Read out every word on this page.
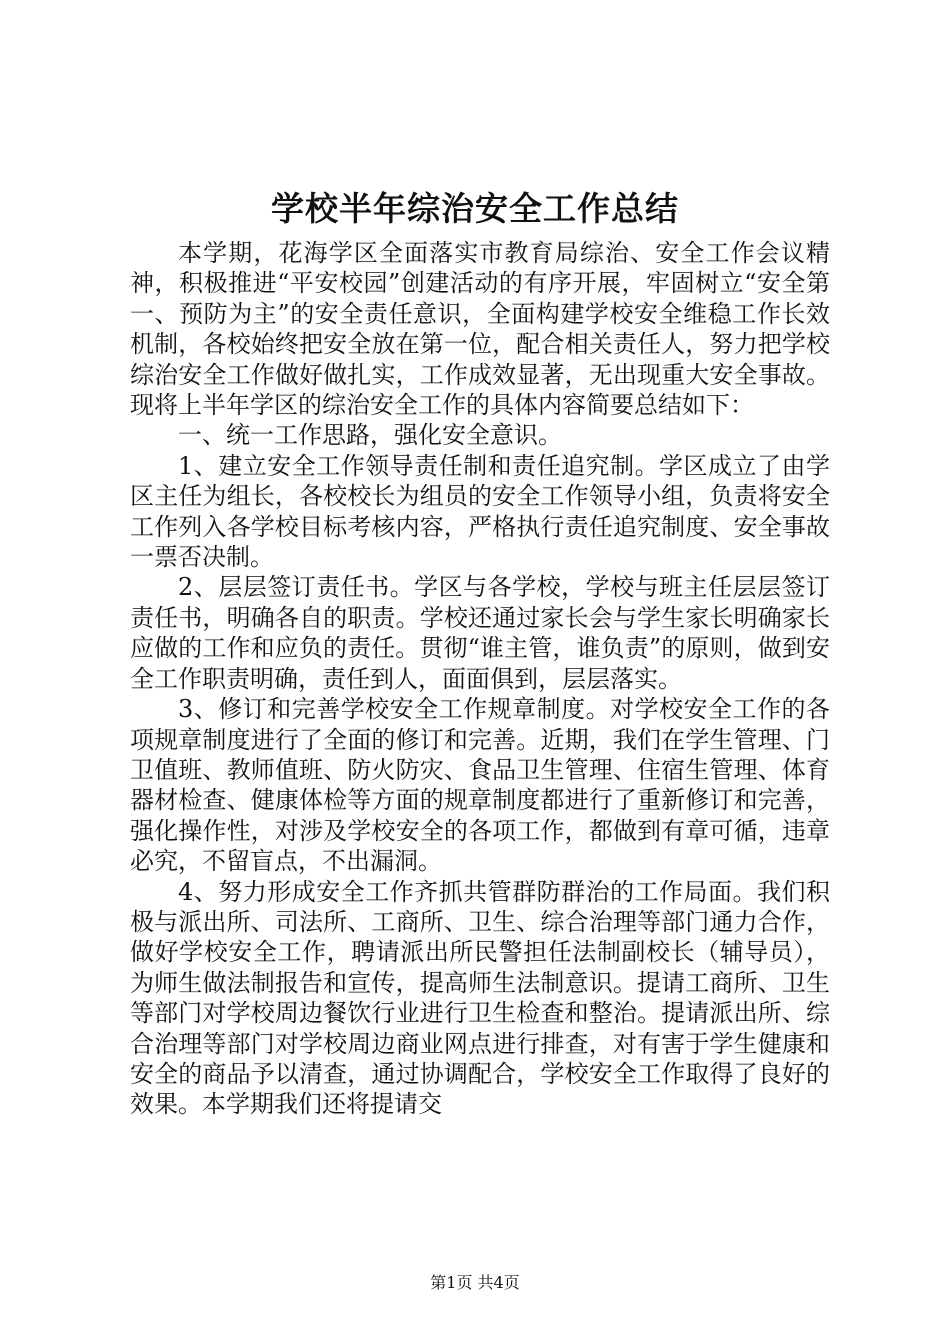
学校半年综治安全工作总结

本学期，花海学区全面落实市教育局综治、安全工作会议精神，积极推进“平安校园”创建活动的有序开展，牢固树立“安全第一、预防为主”的安全责任意识，全面构建学校安全维稳工作长效机制，各校始终把安全放在第一位，配合相关责任人，努力把学校综治安全工作做好做扎实，工作成效显著，无出现重大安全事故。现将上半年学区的综治安全工作的具体内容简要总结如下：

一、统一工作思路，强化安全意识。

1、建立安全工作领导责任制和责任追究制。学区成立了由学区主任为组长，各校校长为组员的安全工作领导小组，负责将安全工作列入各学校目标考核内容，严格执行责任追究制度、安全事故一票否决制。

2、层层签订责任书。学区与各学校，学校与班主任层层签订责任书，明确各自的职责。学校还通过家长会与学生家长明确家长应做的工作和应负的责任。贯彻“谁主管，谁负责”的原则，做到安全工作职责明确，责任到人，面面俱到，层层落实。

3、修订和完善学校安全工作规章制度。对学校安全工作的各项规章制度进行了全面的修订和完善。近期，我们在学生管理、门卫值班、教师值班、防火防灾、食品卫生管理、住宿生管理、体育器材检查、健康体检等方面的规章制度都进行了重新修订和完善，强化操作性，对涉及学校安全的各项工作，都做到有章可循，违章必究，不留盲点，不出漏洞。

4、努力形成安全工作齐抓共管群防群治的工作局面。我们积极与派出所、司法所、工商所、卫生、综合治理等部门通力合作，做好学校安全工作，聘请派出所民警担任法制副校长（辅导员），为师生做法制报告和宣传，提高师生法制意识。提请工商所、卫生等部门对学校周边餐饮行业进行卫生检查和整治。提请派出所、综合治理等部门对学校周边商业网点进行排查，对有害于学生健康和安全的商品予以清查，通过协调配合，学校安全工作取得了良好的效果。本学期我们还将提请交

第1页 共4页
